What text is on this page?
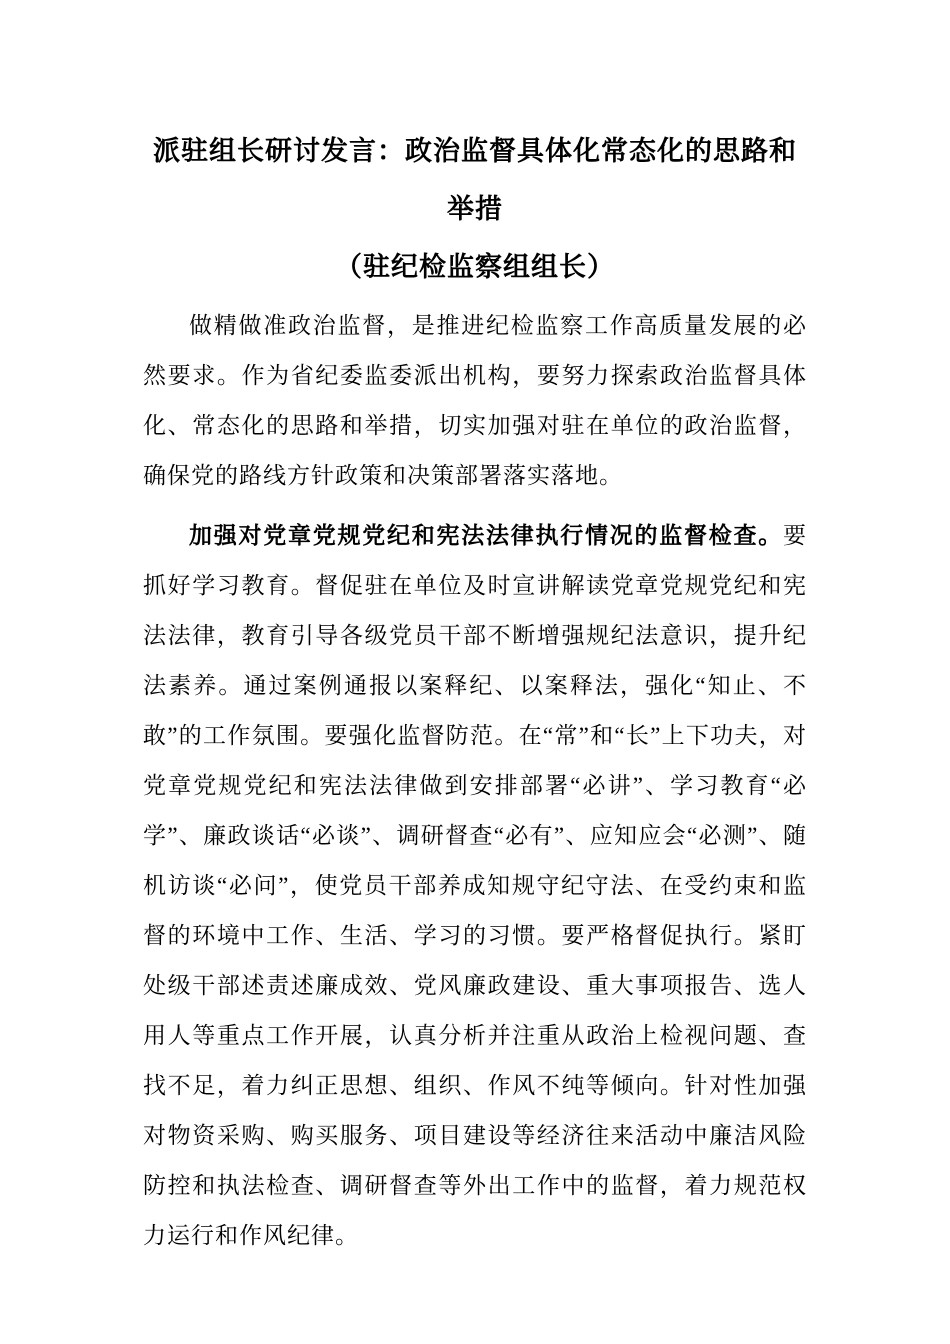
派驻组长研讨发言：政治监督具体化常态化的思路和举措
（驻纪检监察组组长）

做精做准政治监督，是推进纪检监察工作高质量发展的必然要求。作为省纪委监委派出机构，要努力探索政治监督具体化、常态化的思路和举措，切实加强对驻在单位的政治监督，确保党的路线方针政策和决策部署落实落地。

加强对党章党规党纪和宪法法律执行情况的监督检查。要抓好学习教育。督促驻在单位及时宣讲解读党章党规党纪和宪法法律，教育引导各级党员干部不断增强规纪法意识，提升纪法素养。通过案例通报以案释纪、以案释法，强化“知止、不敢”的工作氛围。要强化监督防范。在“常”和“长”上下功夫，对党章党规党纪和宪法法律做到安排部署“必讲”、学习教育“必学”、廉政谈话“必谈”、调研督查“必有”、应知应会“必测”、随机访谈“必问”，使党员干部养成知规守纪守法、在受约束和监督的环境中工作、生活、学习的习惯。要严格督促执行。紧盯处级干部述责述廉成效、党风廉政建设、重大事项报告、选人用人等重点工作开展，认真分析并注重从政治上检视问题、查找不足，着力纠正思想、组织、作风不纯等倾向。针对性加强对物资采购、购买服务、项目建设等经济往来活动中廉洁风险防控和执法检查、调研督查等外出工作中的监督，着力规范权力运行和作风纪律。
